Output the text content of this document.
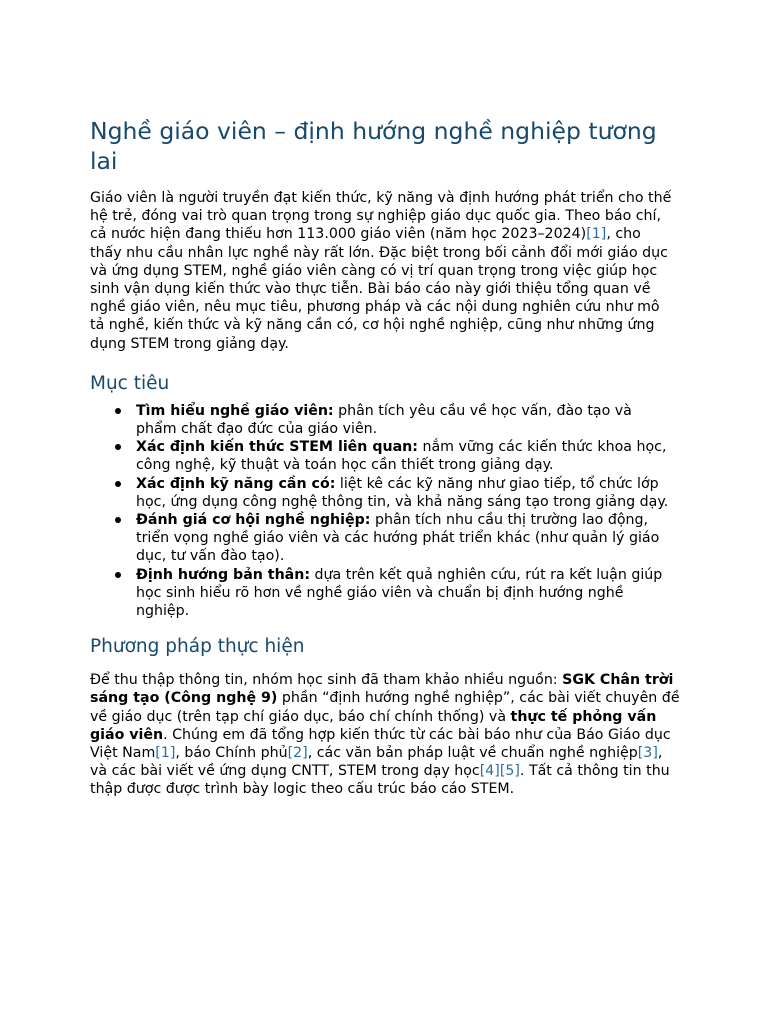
Nghề giáo viên – định hướng nghề nghiệp tương lai

Giáo viên là người truyền đạt kiến thức, kỹ năng và định hướng phát triển cho thế hệ trẻ, đóng vai trò quan trọng trong sự nghiệp giáo dục quốc gia. Theo báo chí, cả nước hiện đang thiếu hơn 113.000 giáo viên (năm học 2023–2024)[1], cho thấy nhu cầu nhân lực nghề này rất lớn. Đặc biệt trong bối cảnh đổi mới giáo dục và ứng dụng STEM, nghề giáo viên càng có vị trí quan trọng trong việc giúp học sinh vận dụng kiến thức vào thực tiễn. Bài báo cáo này giới thiệu tổng quan về nghề giáo viên, nêu mục tiêu, phương pháp và các nội dung nghiên cứu như mô tả nghề, kiến thức và kỹ năng cần có, cơ hội nghề nghiệp, cũng như những ứng dụng STEM trong giảng dạy.

Mục tiêu
Tìm hiểu nghề giáo viên: phân tích yêu cầu về học vấn, đào tạo và phẩm chất đạo đức của giáo viên.
Xác định kiến thức STEM liên quan: nắm vững các kiến thức khoa học, công nghệ, kỹ thuật và toán học cần thiết trong giảng dạy.
Xác định kỹ năng cần có: liệt kê các kỹ năng như giao tiếp, tổ chức lớp học, ứng dụng công nghệ thông tin, và khả năng sáng tạo trong giảng dạy.
Đánh giá cơ hội nghề nghiệp: phân tích nhu cầu thị trường lao động, triển vọng nghề giáo viên và các hướng phát triển khác (như quản lý giáo dục, tư vấn đào tạo).
Định hướng bản thân: dựa trên kết quả nghiên cứu, rút ra kết luận giúp học sinh hiểu rõ hơn về nghề giáo viên và chuẩn bị định hướng nghề nghiệp.
Phương pháp thực hiện

Để thu thập thông tin, nhóm học sinh đã tham khảo nhiều nguồn: SGK Chân trời sáng tạo (Công nghệ 9) phần “định hướng nghề nghiệp”, các bài viết chuyên đề về giáo dục (trên tạp chí giáo dục, báo chí chính thống) và thực tế phỏng vấn giáo viên. Chúng em đã tổng hợp kiến thức từ các bài báo như của Báo Giáo dục Việt Nam[1], báo Chính phủ[2], các văn bản pháp luật về chuẩn nghề nghiệp[3], và các bài viết về ứng dụng CNTT, STEM trong dạy học[4][5]. Tất cả thông tin thu thập được được trình bày logic theo cấu trúc báo cáo STEM.
